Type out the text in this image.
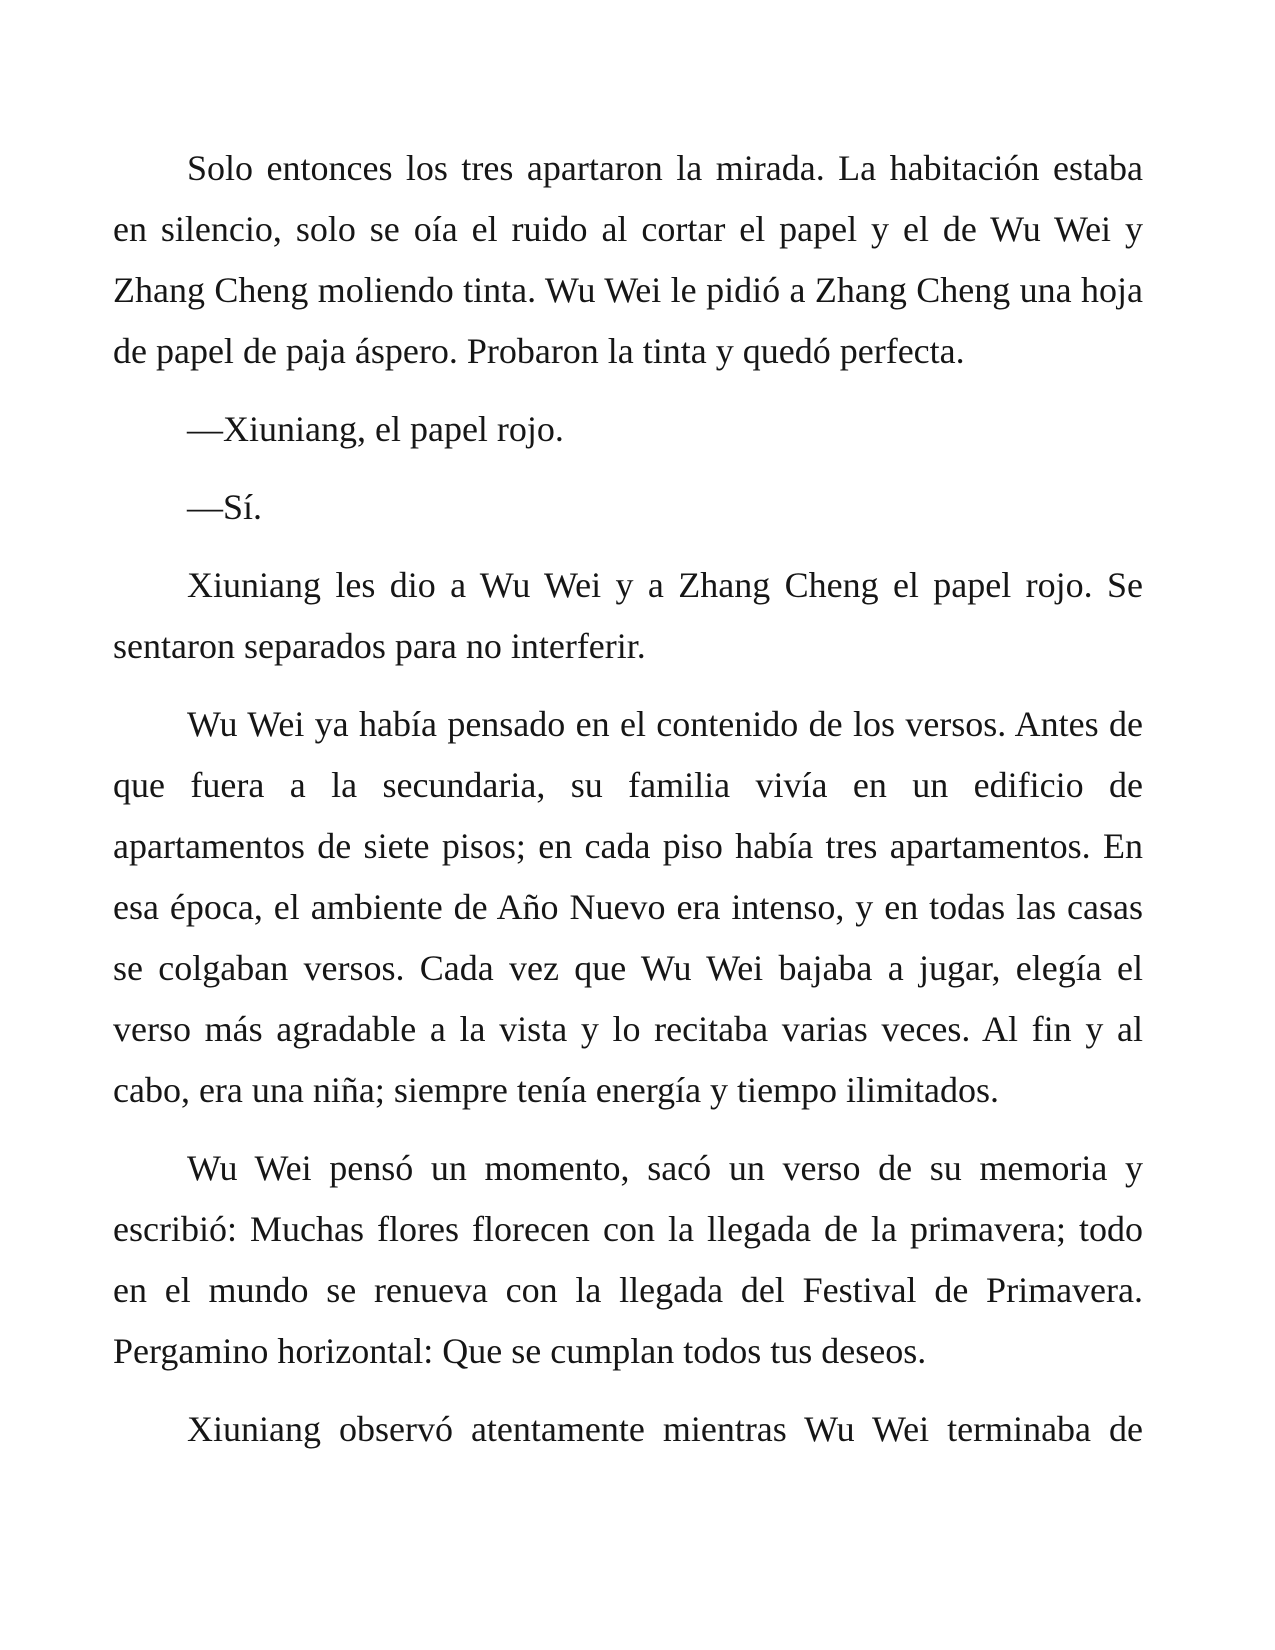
Solo entonces los tres apartaron la mirada. La habitación estaba en silencio, solo se oía el ruido al cortar el papel y el de Wu Wei y Zhang Cheng moliendo tinta. Wu Wei le pidió a Zhang Cheng una hoja de papel de paja áspero. Probaron la tinta y quedó perfecta.

—Xiuniang, el papel rojo.

—Sí.

Xiuniang les dio a Wu Wei y a Zhang Cheng el papel rojo. Se sentaron separados para no interferir.

Wu Wei ya había pensado en el contenido de los versos. Antes de que fuera a la secundaria, su familia vivía en un edificio de apartamentos de siete pisos; en cada piso había tres apartamentos. En esa época, el ambiente de Año Nuevo era intenso, y en todas las casas se colgaban versos. Cada vez que Wu Wei bajaba a jugar, elegía el verso más agradable a la vista y lo recitaba varias veces. Al fin y al cabo, era una niña; siempre tenía energía y tiempo ilimitados.

Wu Wei pensó un momento, sacó un verso de su memoria y escribió: Muchas flores florecen con la llegada de la primavera; todo en el mundo se renueva con la llegada del Festival de Primavera. Pergamino horizontal: Que se cumplan todos tus deseos.

Xiuniang observó atentamente mientras Wu Wei terminaba de
